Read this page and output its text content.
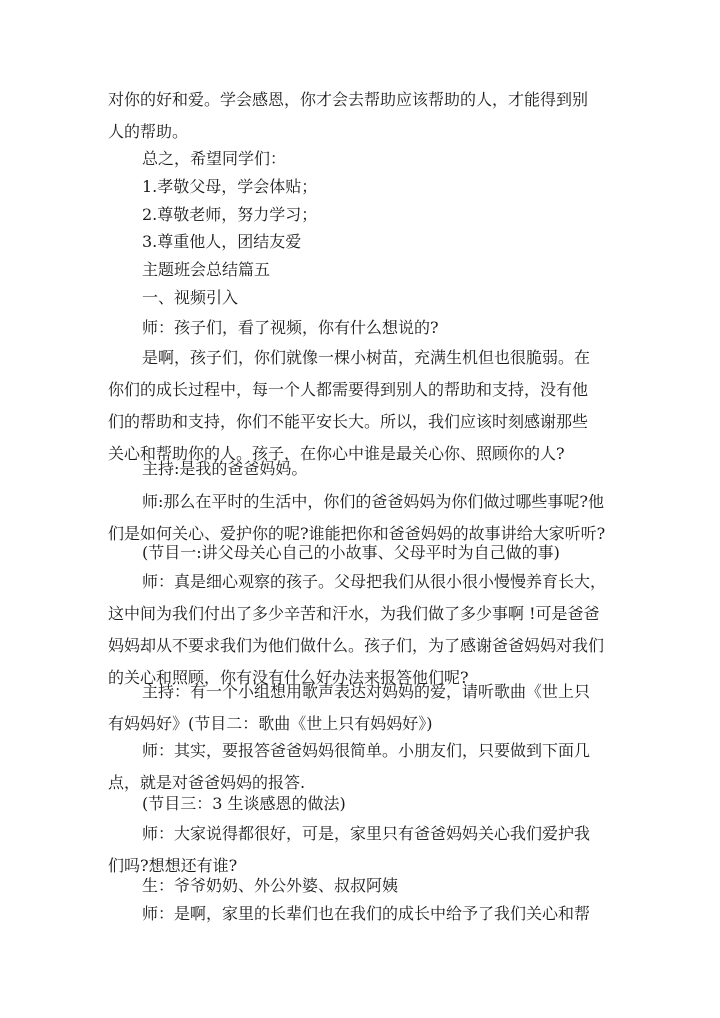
对你的好和爱。学会感恩，你才会去帮助应该帮助的人，才能得到别
人的帮助。
总之，希望同学们：
1.孝敬父母，学会体贴；
2.尊敬老师，努力学习；
3.尊重他人，团结友爱
主题班会总结篇五
一、视频引入
师：孩子们，看了视频，你有什么想说的?
是啊，孩子们，你们就像一棵小树苗，充满生机但也很脆弱。在
你们的成长过程中，每一个人都需要得到别人的帮助和支持，没有他
们的帮助和支持，你们不能平安长大。所以，我们应该时刻感谢那些
关心和帮助你的人。孩子，在你心中谁是最关心你、照顾你的人?
主持:是我的爸爸妈妈。
师:那么在平时的生活中，你们的爸爸妈妈为你们做过哪些事呢?他
们是如何关心、爱护你的呢?谁能把你和爸爸妈妈的故事讲给大家听听?
(节目一:讲父母关心自己的小故事、父母平时为自己做的事)
师：真是细心观察的孩子。父母把我们从很小很小慢慢养育长大，
这中间为我们付出了多少辛苦和汗水，为我们做了多少事啊 !可是爸爸
妈妈却从不要求我们为他们做什么。孩子们，为了感谢爸爸妈妈对我们
的关心和照顾，你有没有什么好办法来报答他们呢?
主持：有一个小组想用歌声表达对妈妈的爱，请听歌曲《世上只
有妈妈好》(节目二：歌曲《世上只有妈妈好》)
师：其实，要报答爸爸妈妈很简单。小朋友们，只要做到下面几
点，就是对爸爸妈妈的报答.
(节目三：3 生谈感恩的做法)
师：大家说得都很好，可是，家里只有爸爸妈妈关心我们爱护我
们吗?想想还有谁?
生：爷爷奶奶、外公外婆、叔叔阿姨
师：是啊，家里的长辈们也在我们的成长中给予了我们关心和帮
